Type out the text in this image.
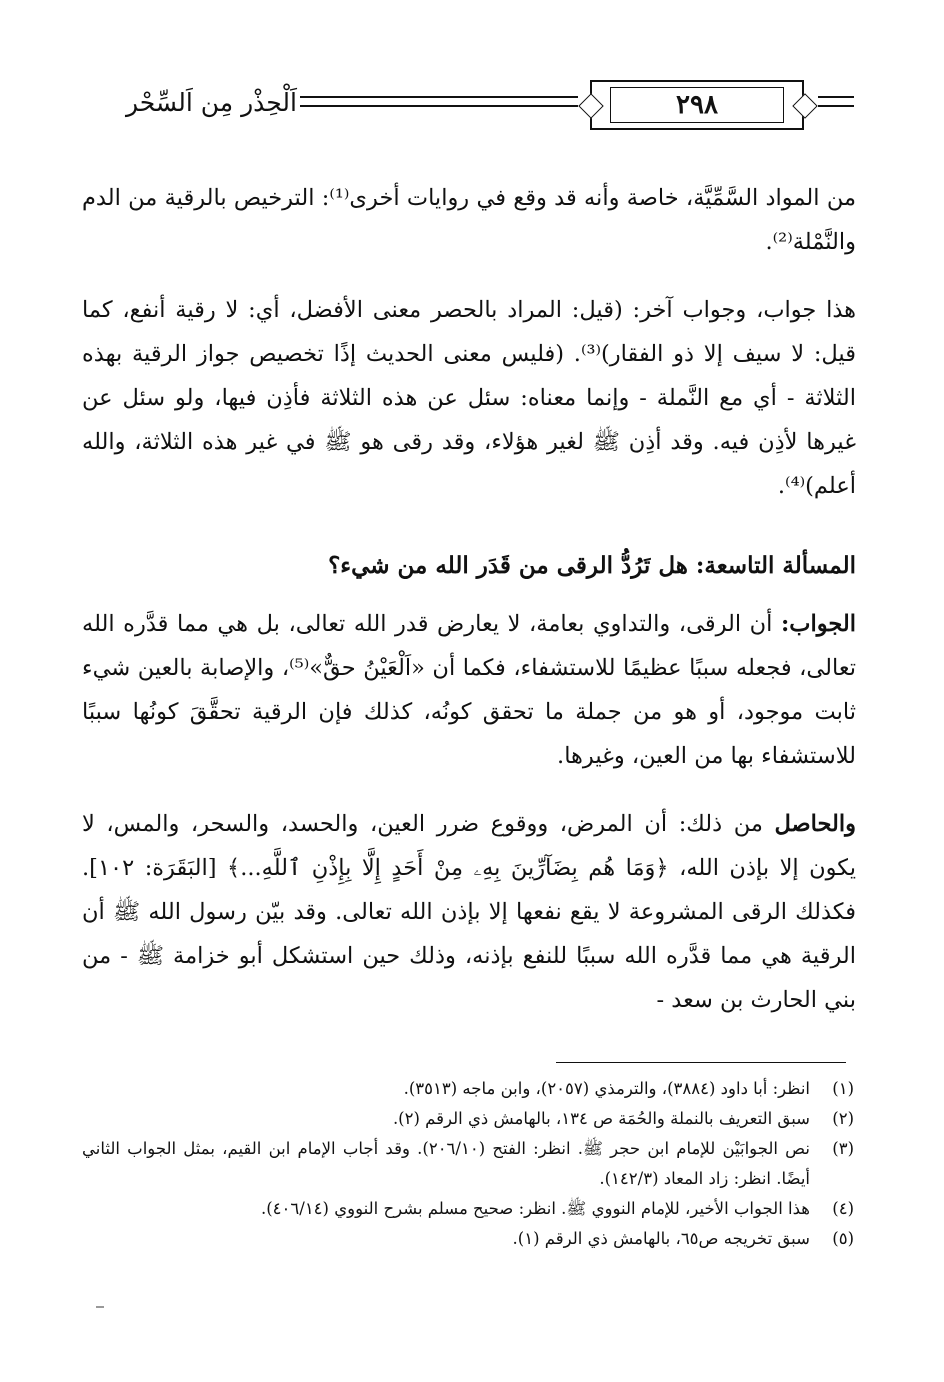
اَلْحِذْر مِن اَلسِّحْر	٢٩٨

من المواد السَّمِّيَّة، خاصة وأنه قد وقع في روايات أخرى⁽¹⁾: الترخيص بالرقية من الدم والنَّمْلة⁽²⁾.

هذا جواب، وجواب آخر: (قيل: المراد بالحصر معنى الأفضل، أي: لا رقية أنفع، كما قيل: لا سيف إلا ذو الفقار)⁽³⁾. (فليس معنى الحديث إذًا تخصيص جواز الرقية بهذه الثلاثة - أي مع النَّملة - وإنما معناه: سئل عن هذه الثلاثة فأذِن فيها، ولو سئل عن غيرها لأذِن فيه. وقد أذِن ﷺ لغير هؤلاء، وقد رقى هو ﷺ في غير هذه الثلاثة، والله أعلم)⁽⁴⁾.

المسألة التاسعة: هل تَرُدُّ الرقى من قَدَر الله من شيء؟

الجواب: أن الرقى، والتداوي بعامة، لا يعارض قدر الله تعالى، بل هي مما قدَّره الله تعالى، فجعله سببًا عظيمًا للاستشفاء، فكما أن «اَلْعَيْنُ حقٌّ»⁽⁵⁾، والإصابة بالعين شيء ثابت موجود، أو هو من جملة ما تحقق كونُه، كذلك فإن الرقية تحقَّقَ كونُها سببًا للاستشفاء بها من العين، وغيرها.

والحاصل من ذلك: أن المرض، ووقوع ضرر العين، والحسد، والسحر، والمس، لا يكون إلا بإذن الله، ﴿وَمَا هُم بِضَآرِّينَ بِهِۦ مِنْ أَحَدٍ إِلَّا بِإِذْنِ ٱللَّهِ...﴾ [البَقَرَة: ١٠٢]. فكذلك الرقى المشروعة لا يقع نفعها إلا بإذن الله تعالى. وقد بيّن رسول الله ﷺ أن الرقية هي مما قدَّره الله سببًا للنفع بإذنه، وذلك حين استشكل أبو خزامة ﷺ - من بني الحارث بن سعد -

(١)
انظر: أبا داود (٣٨٨٤)، والترمذي (٢٠٥٧)، وابن ماجه (٣٥١٣).
(٢)
سبق التعريف بالنملة والحُمَة ص ١٣٤، بالهامش ذي الرقم (٢).
(٣)
نص الجوابَيْن للإمام ابن حجر ﷺ. انظر: الفتح (٢٠٦/١٠). وقد أجاب الإمام ابن القيم، بمثل الجواب الثاني أيضًا. انظر: زاد المعاد (١٤٢/٣).
(٤)
هذا الجواب الأخير، للإمام النووي ﷺ. انظر: صحيح مسلم بشرح النووي (٤٠٦/١٤).
(٥)
سبق تخريجه ص٦٥، بالهامش ذي الرقم (١).
